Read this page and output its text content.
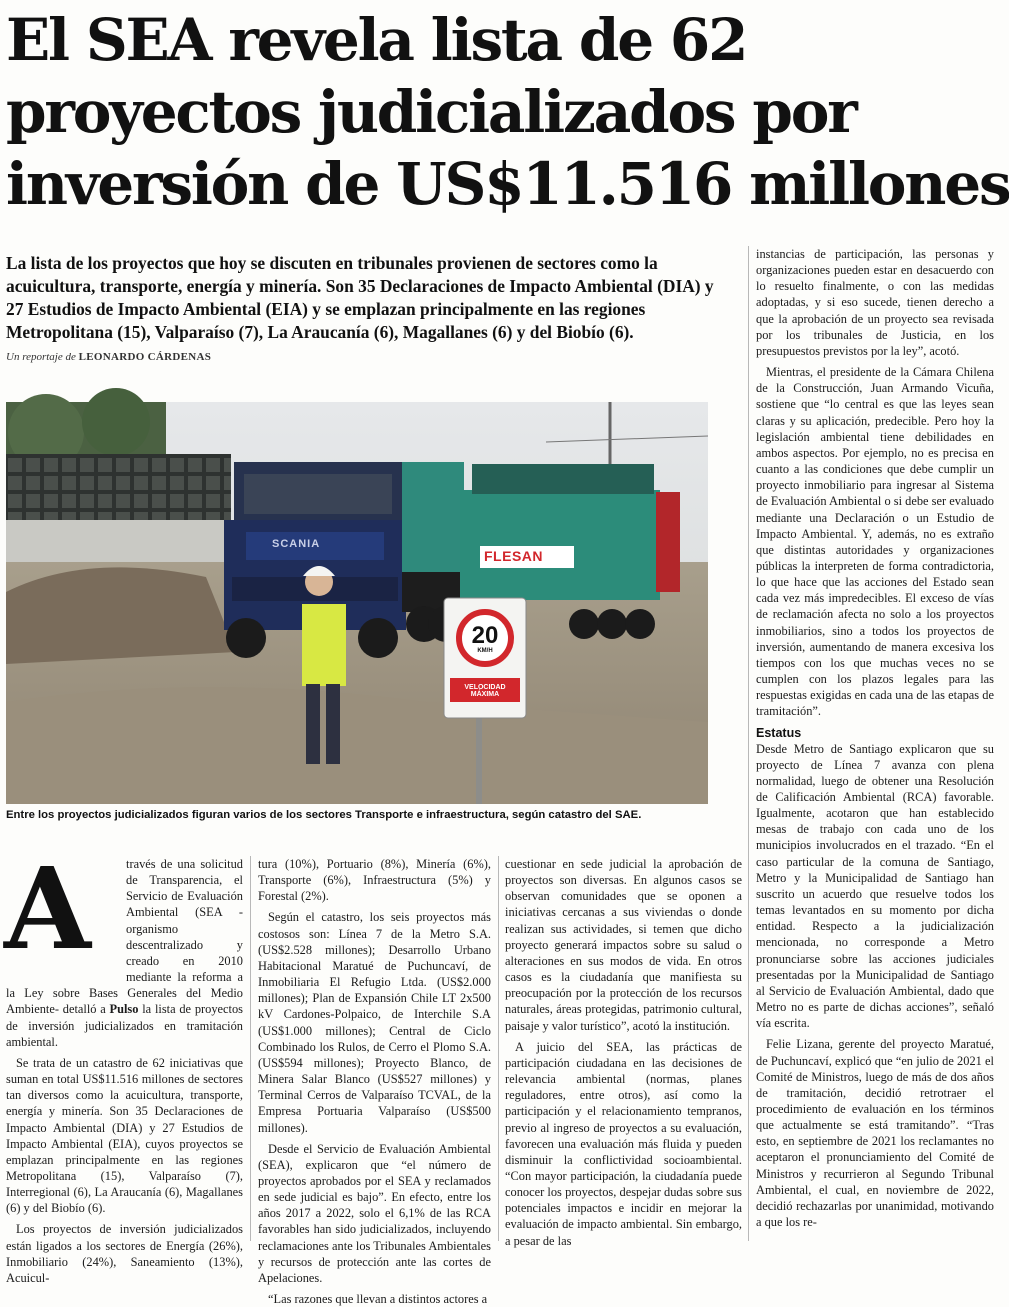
El SEA revela lista de 62
proyectos judicializados por
inversión de US$11.516 millones

La lista de los proyectos que hoy se discuten en tribunales provienen de sectores como la acuicultura, transporte, energía y minería. Son 35 Declaraciones de Impacto Ambiental (DIA) y 27 Estudios de Impacto Ambiental (EIA) y se emplazan principalmente en las regiones Metropolitana (15), Valparaíso (7), La Araucanía (6), Magallanes (6) y del Biobío (6).

Un reportaje de LEONARDO CÁRDENAS

SCANIA
FLESAN
20
KM/H
VELOCIDAD MÁXIMA

Entre los proyectos judicializados figuran varios de los sectores Transporte e infraestructura, según catastro del SAE.

A	través de una solicitud de Transparencia, el Servicio de Evaluación Ambiental (SEA -organismo descentralizado y creado en 2010 mediante la reforma a la Ley sobre Bases Generales del Medio Ambiente- detalló a Pulso la lista de proyectos de inversión judicializados en tramitación ambiental.

Se trata de un catastro de 62 iniciativas que suman en total US$11.516 millones de sectores tan diversos como la acuicultura, transporte, energía y minería. Son 35 Declaraciones de Impacto Ambiental (DIA) y 27 Estudios de Impacto Ambiental (EIA), cuyos proyectos se emplazan principalmente en las regiones Metropolitana (15), Valparaíso (7), Interregional (6), La Araucanía (6), Magallanes (6) y del Biobío (6).

Los proyectos de inversión judicializados están ligados a los sectores de Energía (26%), Inmobiliario (24%), Saneamiento (13%), Acuicul-

tura (10%), Portuario (8%), Minería (6%), Transporte (6%), Infraestructura (5%) y Forestal (2%).

Según el catastro, los seis proyectos más costosos son: Línea 7 de la Metro S.A. (US$2.528 millones); Desarrollo Urbano Habitacional Maratué de Puchuncaví, de Inmobiliaria El Refugio Ltda. (US$2.000 millones); Plan de Expansión Chile LT 2x500 kV Cardones-Polpaico, de Interchile S.A (US$1.000 millones); Central de Ciclo Combinado los Rulos, de Cerro el Plomo S.A. (US$594 millones); Proyecto Blanco, de Minera Salar Blanco (US$527 millones) y Terminal Cerros de Valparaíso TCVAL, de la Empresa Portuaria Valparaíso (US$500 millones).

Desde el Servicio de Evaluación Ambiental (SEA), explicaron que “el número de proyectos aprobados por el SEA y reclamados en sede judicial es bajo”. En efecto, entre los años 2017 a 2022, solo el 6,1% de las RCA favorables han sido judicializados, incluyendo reclamaciones ante los Tribunales Ambientales y recursos de protección ante las cortes de Apelaciones.

“Las razones que llevan a distintos actores a

cuestionar en sede judicial la aprobación de proyectos son diversas. En algunos casos se observan comunidades que se oponen a iniciativas cercanas a sus viviendas o donde realizan sus actividades, si temen que dicho proyecto generará impactos sobre su salud o alteraciones en sus modos de vida. En otros casos es la ciudadanía que manifiesta su preocupación por la protección de los recursos naturales, áreas protegidas, patrimonio cultural, paisaje y valor turístico”, acotó la institución.

A juicio del SEA, las prácticas de participación ciudadana en las decisiones de relevancia ambiental (normas, planes reguladores, entre otros), así como la participación y el relacionamiento tempranos, previo al ingreso de proyectos a su evaluación, favorecen una evaluación más fluida y pueden disminuir la conflictividad socioambiental. “Con mayor participación, la ciudadanía puede conocer los proyectos, despejar dudas sobre sus potenciales impactos e incidir en mejorar la evaluación de impacto ambiental. Sin embargo, a pesar de las

instancias de participación, las personas y organizaciones pueden estar en desacuerdo con lo resuelto finalmente, o con las medidas adoptadas, y si eso sucede, tienen derecho a que la aprobación de un proyecto sea revisada por los tribunales de Justicia, en los presupuestos previstos por la ley”, acotó.

Mientras, el presidente de la Cámara Chilena de la Construcción, Juan Armando Vicuña, sostiene que “lo central es que las leyes sean claras y su aplicación, predecible. Pero hoy la legislación ambiental tiene debilidades en ambos aspectos. Por ejemplo, no es precisa en cuanto a las condiciones que debe cumplir un proyecto inmobiliario para ingresar al Sistema de Evaluación Ambiental o si debe ser evaluado mediante una Declaración o un Estudio de Impacto Ambiental. Y, además, no es extraño que distintas autoridades y organizaciones públicas la interpreten de forma contradictoria, lo que hace que las acciones del Estado sean cada vez más impredecibles. El exceso de vías de reclamación afecta no solo a los proyectos inmobiliarios, sino a todos los proyectos de inversión, aumentando de manera excesiva los tiempos con los que muchas veces no se cumplen con los plazos legales para las respuestas exigidas en cada una de las etapas de tramitación”.

Estatus

Desde Metro de Santiago explicaron que su proyecto de Línea 7 avanza con plena normalidad, luego de obtener una Resolución de Calificación Ambiental (RCA) favorable. Igualmente, acotaron que han establecido mesas de trabajo con cada uno de los municipios involucrados en el trazado. “En el caso particular de la comuna de Santiago, Metro y la Municipalidad de Santiago han suscrito un acuerdo que resuelve todos los temas levantados en su momento por dicha entidad. Respecto a la judicialización mencionada, no corresponde a Metro pronunciarse sobre las acciones judiciales presentadas por la Municipalidad de Santiago al Servicio de Evaluación Ambiental, dado que Metro no es parte de dichas acciones”, señaló vía escrita.

Felie Lizana, gerente del proyecto Maratué, de Puchuncaví, explicó que “en julio de 2021 el Comité de Ministros, luego de más de dos años de tramitación, decidió retrotraer el procedimiento de evaluación en los términos que actualmente se está tramitando”. “Tras esto, en septiembre de 2021 los reclamantes no aceptaron el pronunciamiento del Comité de Ministros y recurrieron al Segundo Tribunal Ambiental, el cual, en noviembre de 2022, decidió rechazarlas por unanimidad, motivando a que los re-
